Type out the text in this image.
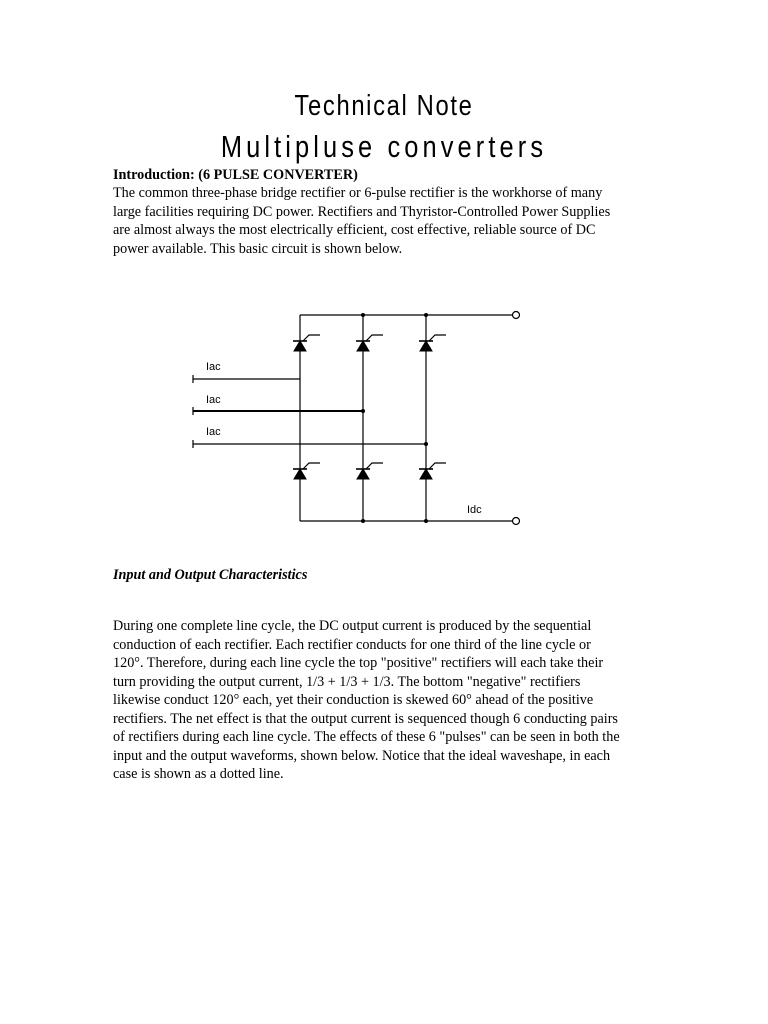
Technical Note
Multipluse converters
Introduction: (6 PULSE CONVERTER)
The common three-phase bridge rectifier or 6-pulse rectifier is the workhorse of many
large facilities requiring DC power. Rectifiers and Thyristor-Controlled Power Supplies
are almost always the most electrically efficient, cost effective, reliable source of DC
power available. This basic circuit is shown below.
Iac
Iac
Iac
Idc
Input and Output Characteristics
During one complete line cycle, the DC output current is produced by the sequential
conduction of each rectifier. Each rectifier conducts for one third of the line cycle or
120°. Therefore, during each line cycle the top "positive" rectifiers will each take their
turn providing the output current, 1/3 + 1/3 + 1/3. The bottom "negative" rectifiers
likewise conduct 120° each, yet their conduction is skewed 60° ahead of the positive
rectifiers. The net effect is that the output current is sequenced though 6 conducting pairs
of rectifiers during each line cycle. The effects of these 6 "pulses" can be seen in both the
input and the output waveforms, shown below. Notice that the ideal waveshape, in each
case is shown as a dotted line.
